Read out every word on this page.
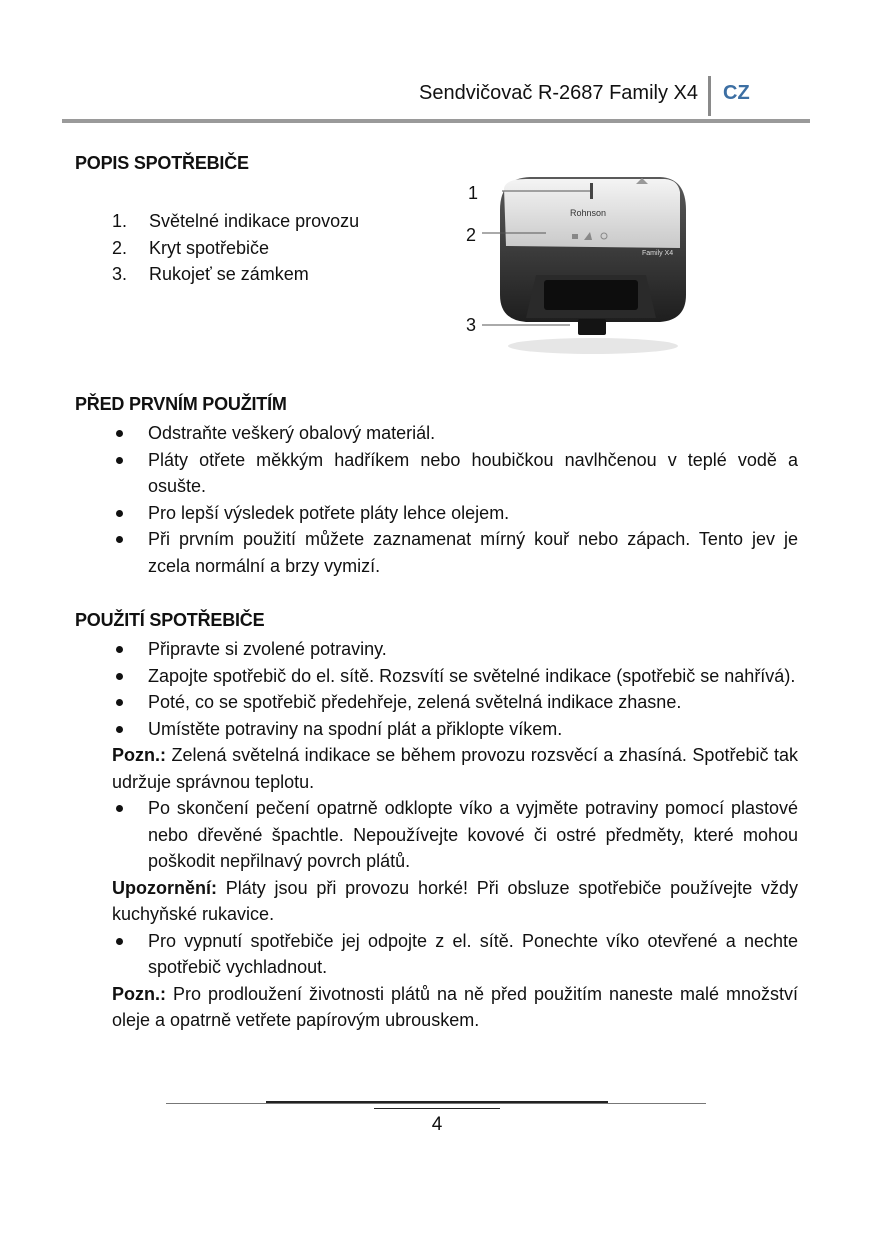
Sendvičovač R-2687 Family X4 CZ
POPIS SPOTŘEBIČE
1. Světelné indikace provozu
2. Kryt spotřebiče
3. Rukojeť se zámkem
1
2
3
Rohnson
Family X4
PŘED PRVNÍM POUŽITÍM
Odstraňte veškerý obalový materiál.
Pláty otřete měkkým hadříkem nebo houbičkou navlhčenou v teplé vodě a osušte.
Pro lepší výsledek potřete pláty lehce olejem.
Při prvním použití můžete zaznamenat mírný kouř nebo zápach. Tento jev je zcela normální a brzy vymizí.
POUŽITÍ SPOTŘEBIČE
Připravte si zvolené potraviny.
Zapojte spotřebič do el. sítě. Rozsvítí se světelné indikace (spotřebič se nahřívá).
Poté, co se spotřebič předehřeje, zelená světelná indikace zhasne.
Umístěte potraviny na spodní plát a přiklopte víkem.
Pozn.: Zelená světelná indikace se během provozu rozsvěcí a zhasíná. Spotřebič tak udržuje správnou teplotu.
Po skončení pečení opatrně odklopte víko a vyjměte potraviny pomocí plastové nebo dřevěné špachtle. Nepoužívejte kovové či ostré předměty, které mohou poškodit nepřilnavý povrch plátů.
Upozornění: Pláty jsou při provozu horké! Při obsluze spotřebiče používejte vždy kuchyňské rukavice.
Pro vypnutí spotřebiče jej odpojte z el. sítě. Ponechte víko otevřené a nechte spotřebič vychladnout.
Pozn.: Pro prodloužení životnosti plátů na ně před použitím naneste malé množství oleje a opatrně vetřete papírovým ubrouskem.
4
